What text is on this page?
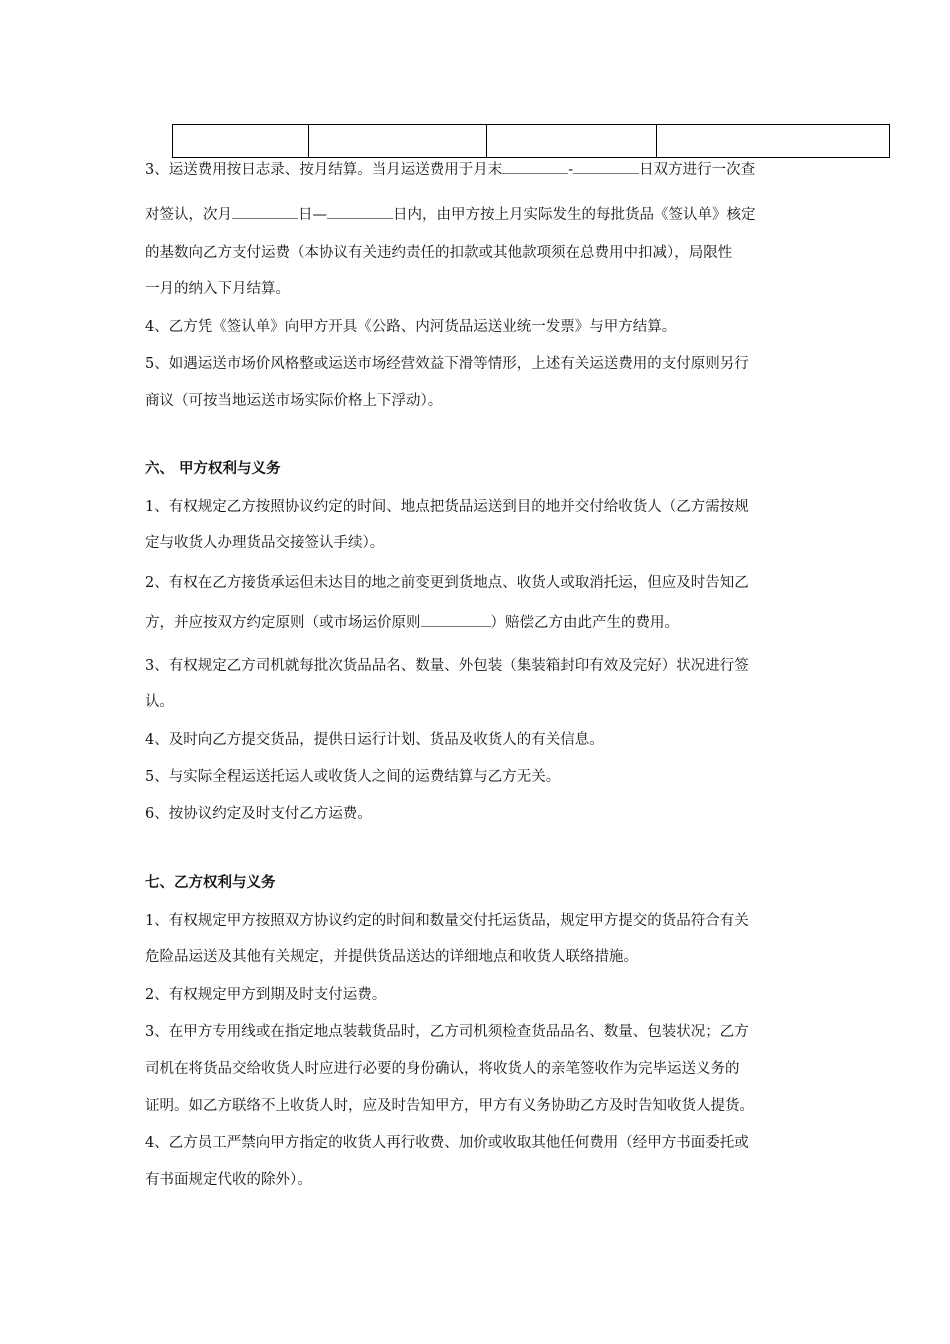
3、运送费用按日志录、按月结算。当月运送费用于月末	-	日双方进行一次查
对签认，次月	日—	日内，由甲方按上月实际发生的每批货品《签认单》核定
的基数向乙方支付运费（本协议有关违约责任的扣款或其他款项须在总费用中扣减），局限性
一月的纳入下月结算。
4、乙方凭《签认单》向甲方开具《公路、内河货品运送业统一发票》与甲方结算。
5、如遇运送市场价风格整或运送市场经营效益下滑等情形，上述有关运送费用的支付原则另行
商议（可按当地运送市场实际价格上下浮动）。
六、 甲方权利与义务
1、有权规定乙方按照协议约定的时间、地点把货品运送到目的地并交付给收货人（乙方需按规
定与收货人办理货品交接签认手续）。
2、有权在乙方接货承运但未达目的地之前变更到货地点、收货人或取消托运，但应及时告知乙
方，并应按双方约定原则（或市场运价原则	）赔偿乙方由此产生的费用。
3、有权规定乙方司机就每批次货品品名、数量、外包装（集装箱封印有效及完好）状况进行签
认。
4、及时向乙方提交货品，提供日运行计划、货品及收货人的有关信息。
5、与实际全程运送托运人或收货人之间的运费结算与乙方无关。
6、按协议约定及时支付乙方运费。
七、乙方权利与义务
1、有权规定甲方按照双方协议约定的时间和数量交付托运货品，规定甲方提交的货品符合有关
危险品运送及其他有关规定，并提供货品送达的详细地点和收货人联络措施。
2、有权规定甲方到期及时支付运费。
3、在甲方专用线或在指定地点装载货品时，乙方司机须检查货品品名、数量、包装状况；乙方
司机在将货品交给收货人时应进行必要的身份确认，将收货人的亲笔签收作为完毕运送义务的
证明。如乙方联络不上收货人时，应及时告知甲方，甲方有义务协助乙方及时告知收货人提货。
4、乙方员工严禁向甲方指定的收货人再行收费、加价或收取其他任何费用（经甲方书面委托或
有书面规定代收的除外）。
